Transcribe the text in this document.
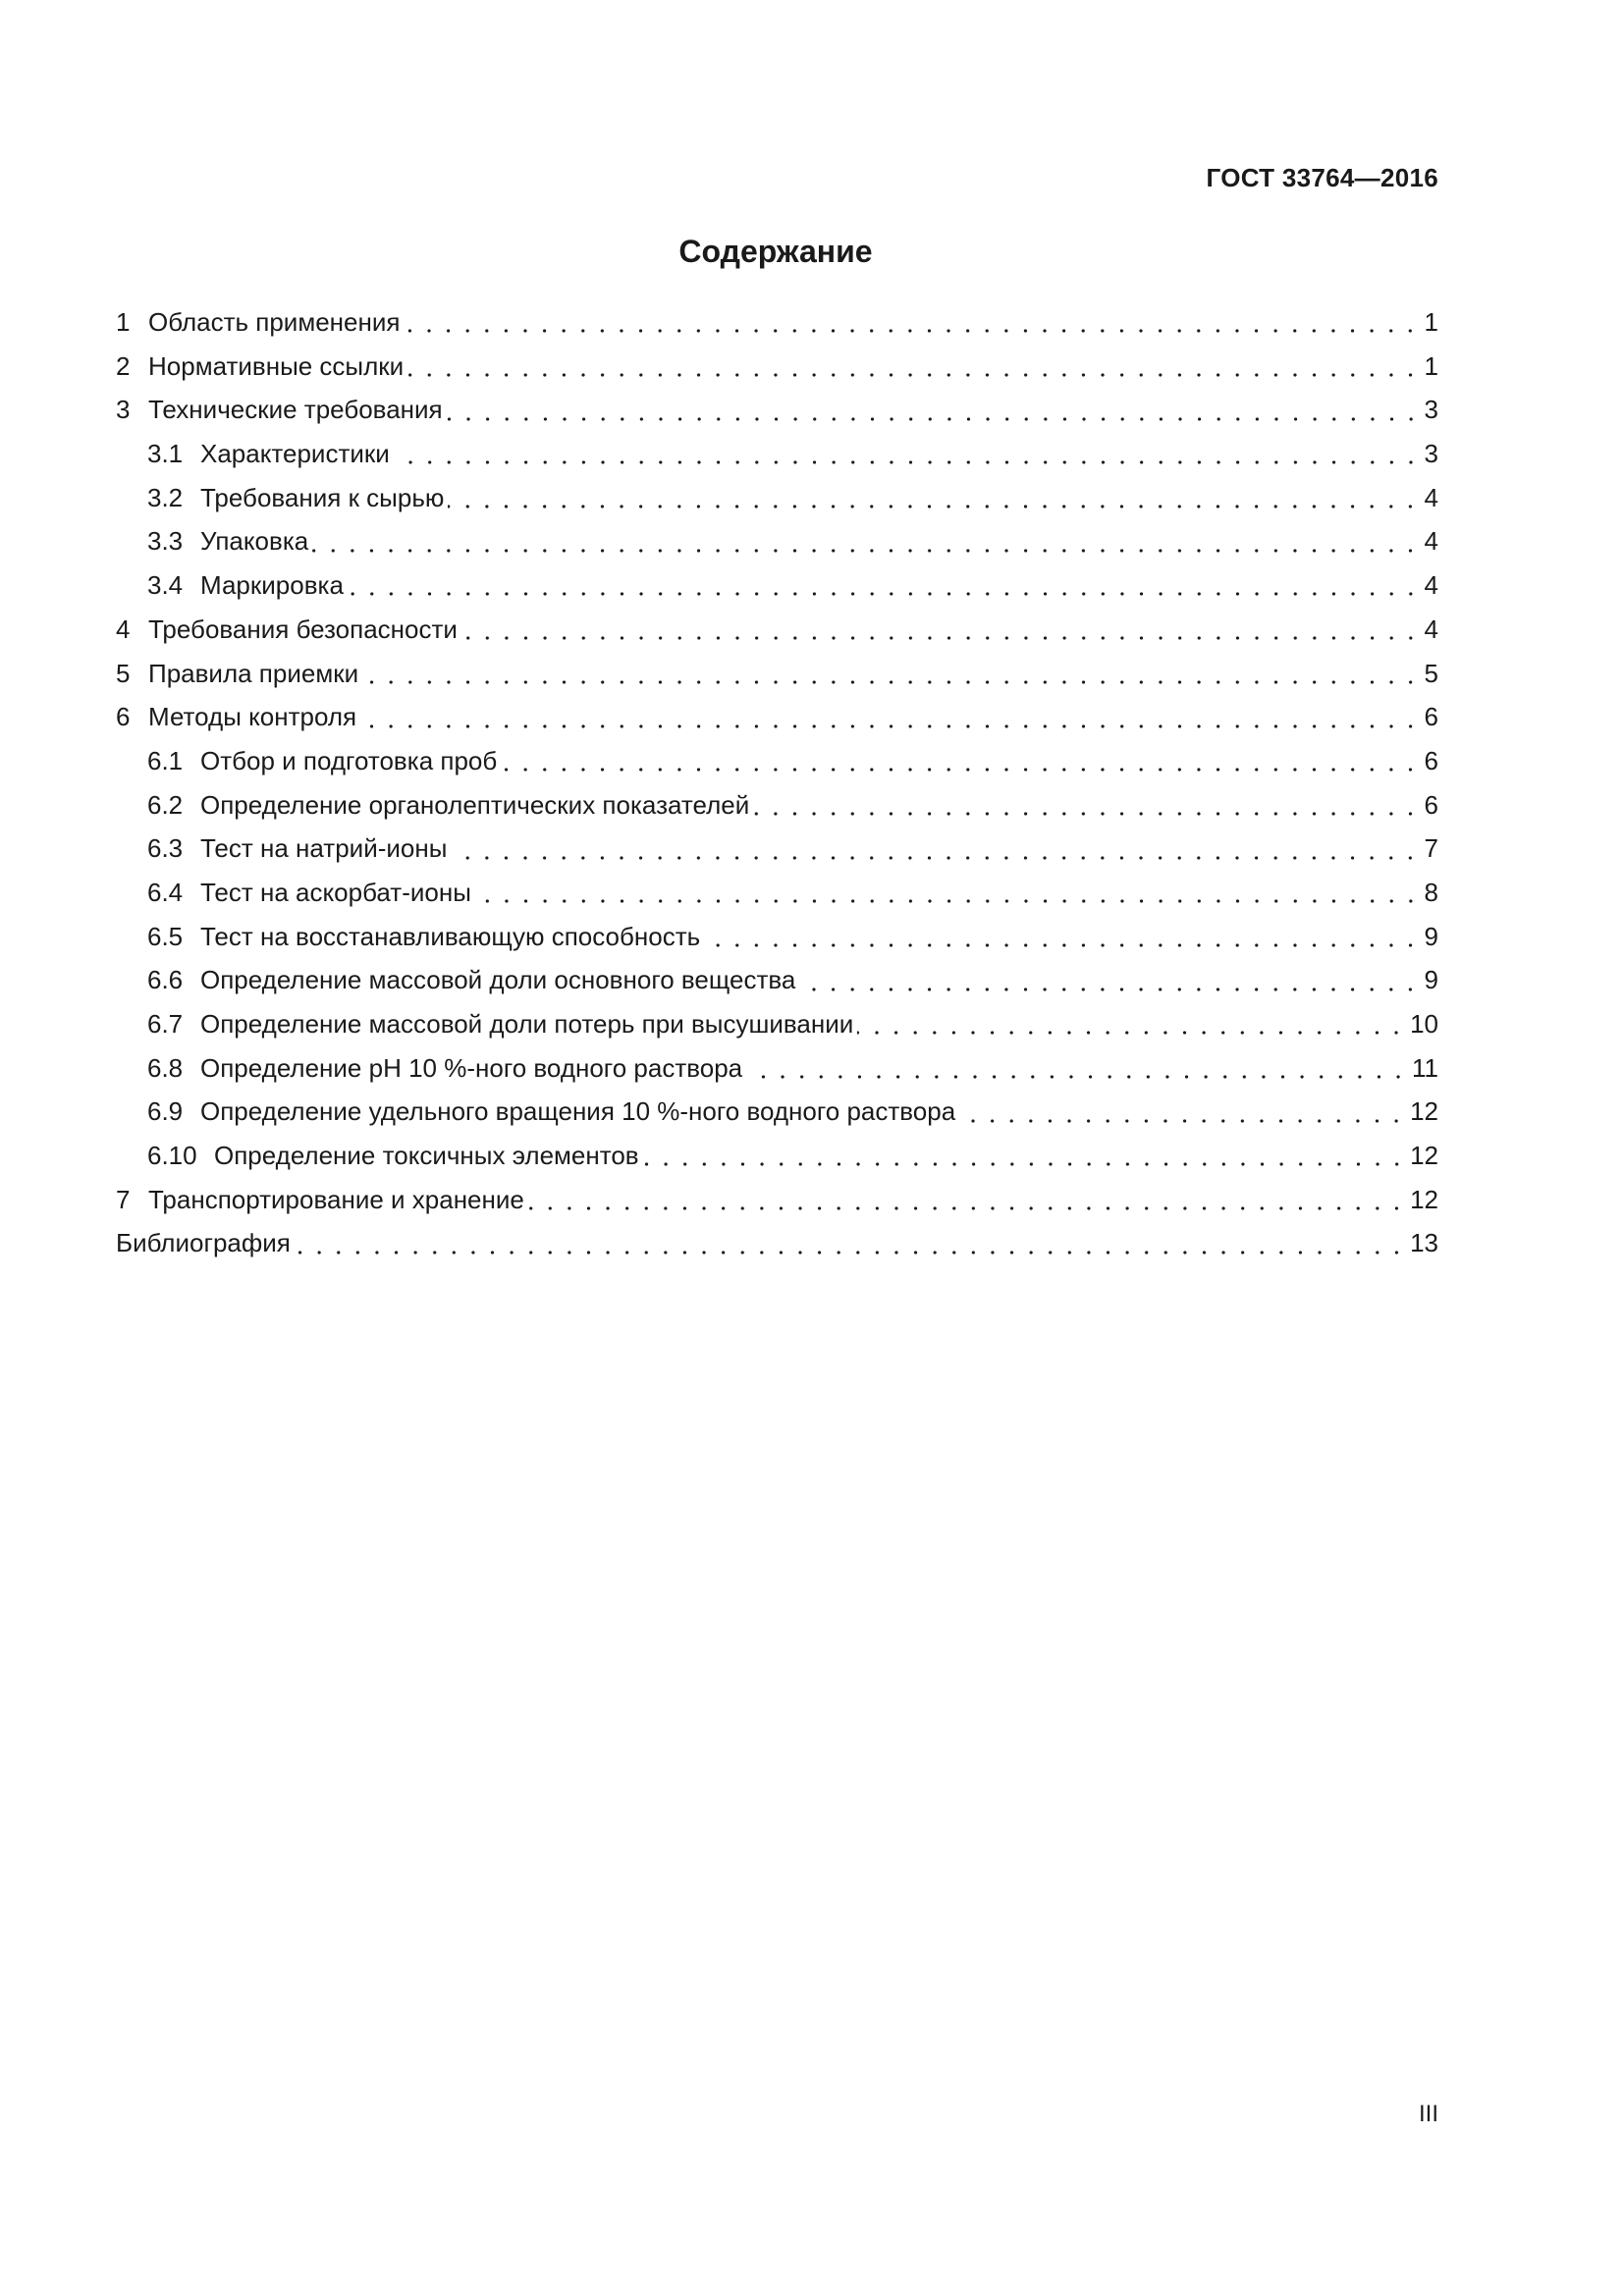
ГОСТ 33764—2016
Содержание
1 Область применения	1
2 Нормативные ссылки	1
3 Технические требования	3
3.1 Характеристики	3
3.2 Требования к сырью	4
3.3 Упаковка	4
3.4 Маркировка	4
4 Требования безопасности	4
5 Правила приемки	5
6 Методы контроля	6
6.1 Отбор и подготовка проб	6
6.2 Определение органолептических показателей	6
6.3 Тест на натрий-ионы	7
6.4 Тест на аскорбат-ионы	8
6.5 Тест на восстанавливающую способность	9
6.6 Определение массовой доли основного вещества	9
6.7 Определение массовой доли потерь при высушивании	10
6.8 Определение pH 10 %-ного водного раствора	11
6.9 Определение удельного вращения 10 %-ного водного раствора	12
6.10 Определение токсичных элементов	12
7 Транспортирование и хранение	12
Библиография	13
III
